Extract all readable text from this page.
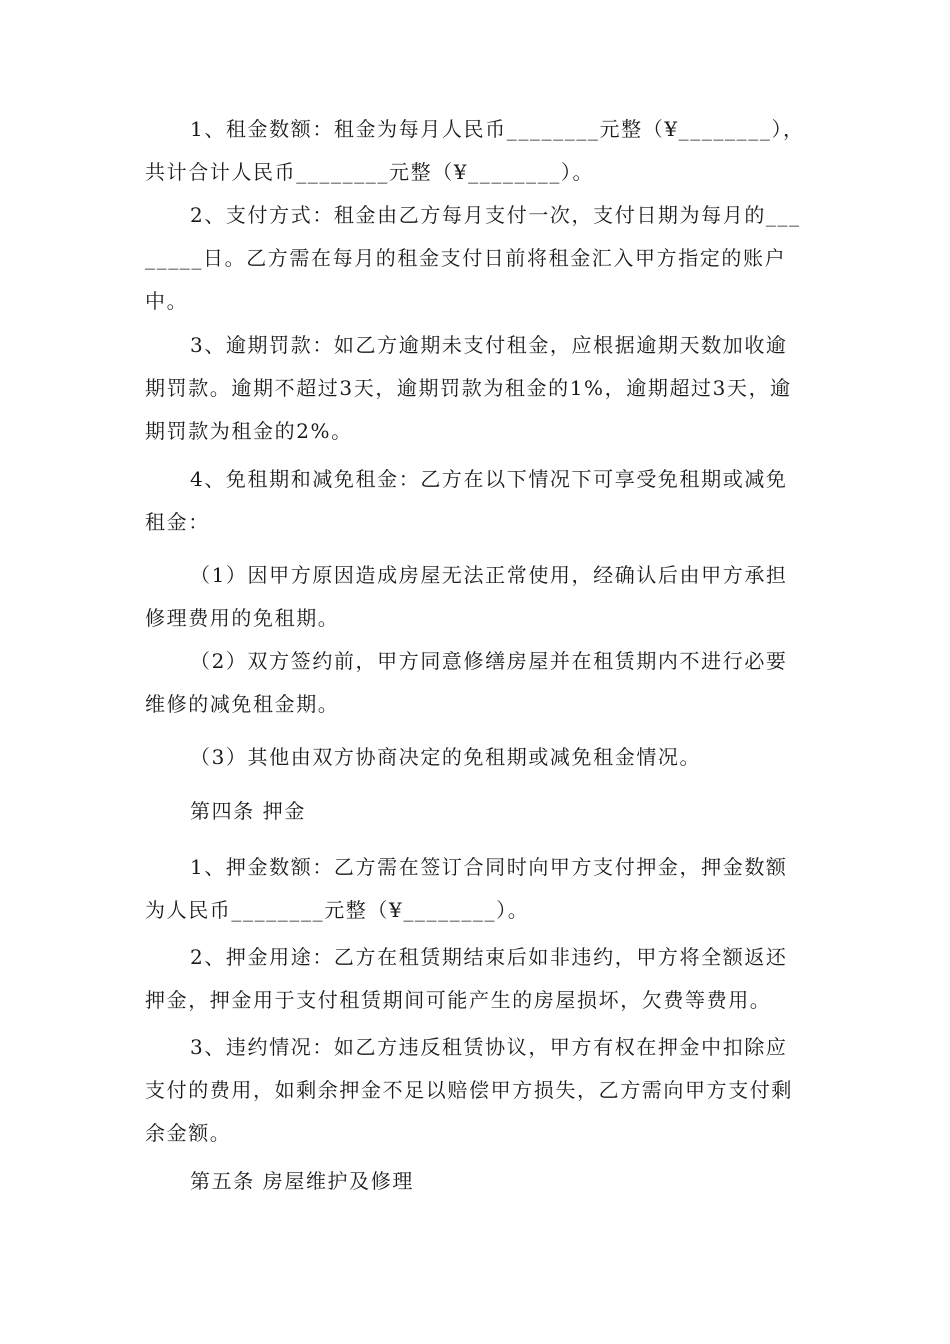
1、租金数额：租金为每月人民币________元整（¥________），共计合计人民币________元整（¥________）。

2、支付方式：租金由乙方每月支付一次，支付日期为每月的________日。乙方需在每月的租金支付日前将租金汇入甲方指定的账户中。

3、逾期罚款：如乙方逾期未支付租金，应根据逾期天数加收逾期罚款。逾期不超过3天，逾期罚款为租金的1%，逾期超过3天，逾期罚款为租金的2%。

4、免租期和减免租金：乙方在以下情况下可享受免租期或减免租金：

（1）因甲方原因造成房屋无法正常使用，经确认后由甲方承担修理费用的免租期。

（2）双方签约前，甲方同意修缮房屋并在租赁期内不进行必要维修的减免租金期。

（3）其他由双方协商决定的免租期或减免租金情况。

第四条 押金

1、押金数额：乙方需在签订合同时向甲方支付押金，押金数额为人民币________元整（¥________）。

2、押金用途：乙方在租赁期结束后如非违约，甲方将全额返还押金，押金用于支付租赁期间可能产生的房屋损坏，欠费等费用。

3、违约情况：如乙方违反租赁协议，甲方有权在押金中扣除应支付的费用，如剩余押金不足以赔偿甲方损失，乙方需向甲方支付剩余金额。

第五条 房屋维护及修理
